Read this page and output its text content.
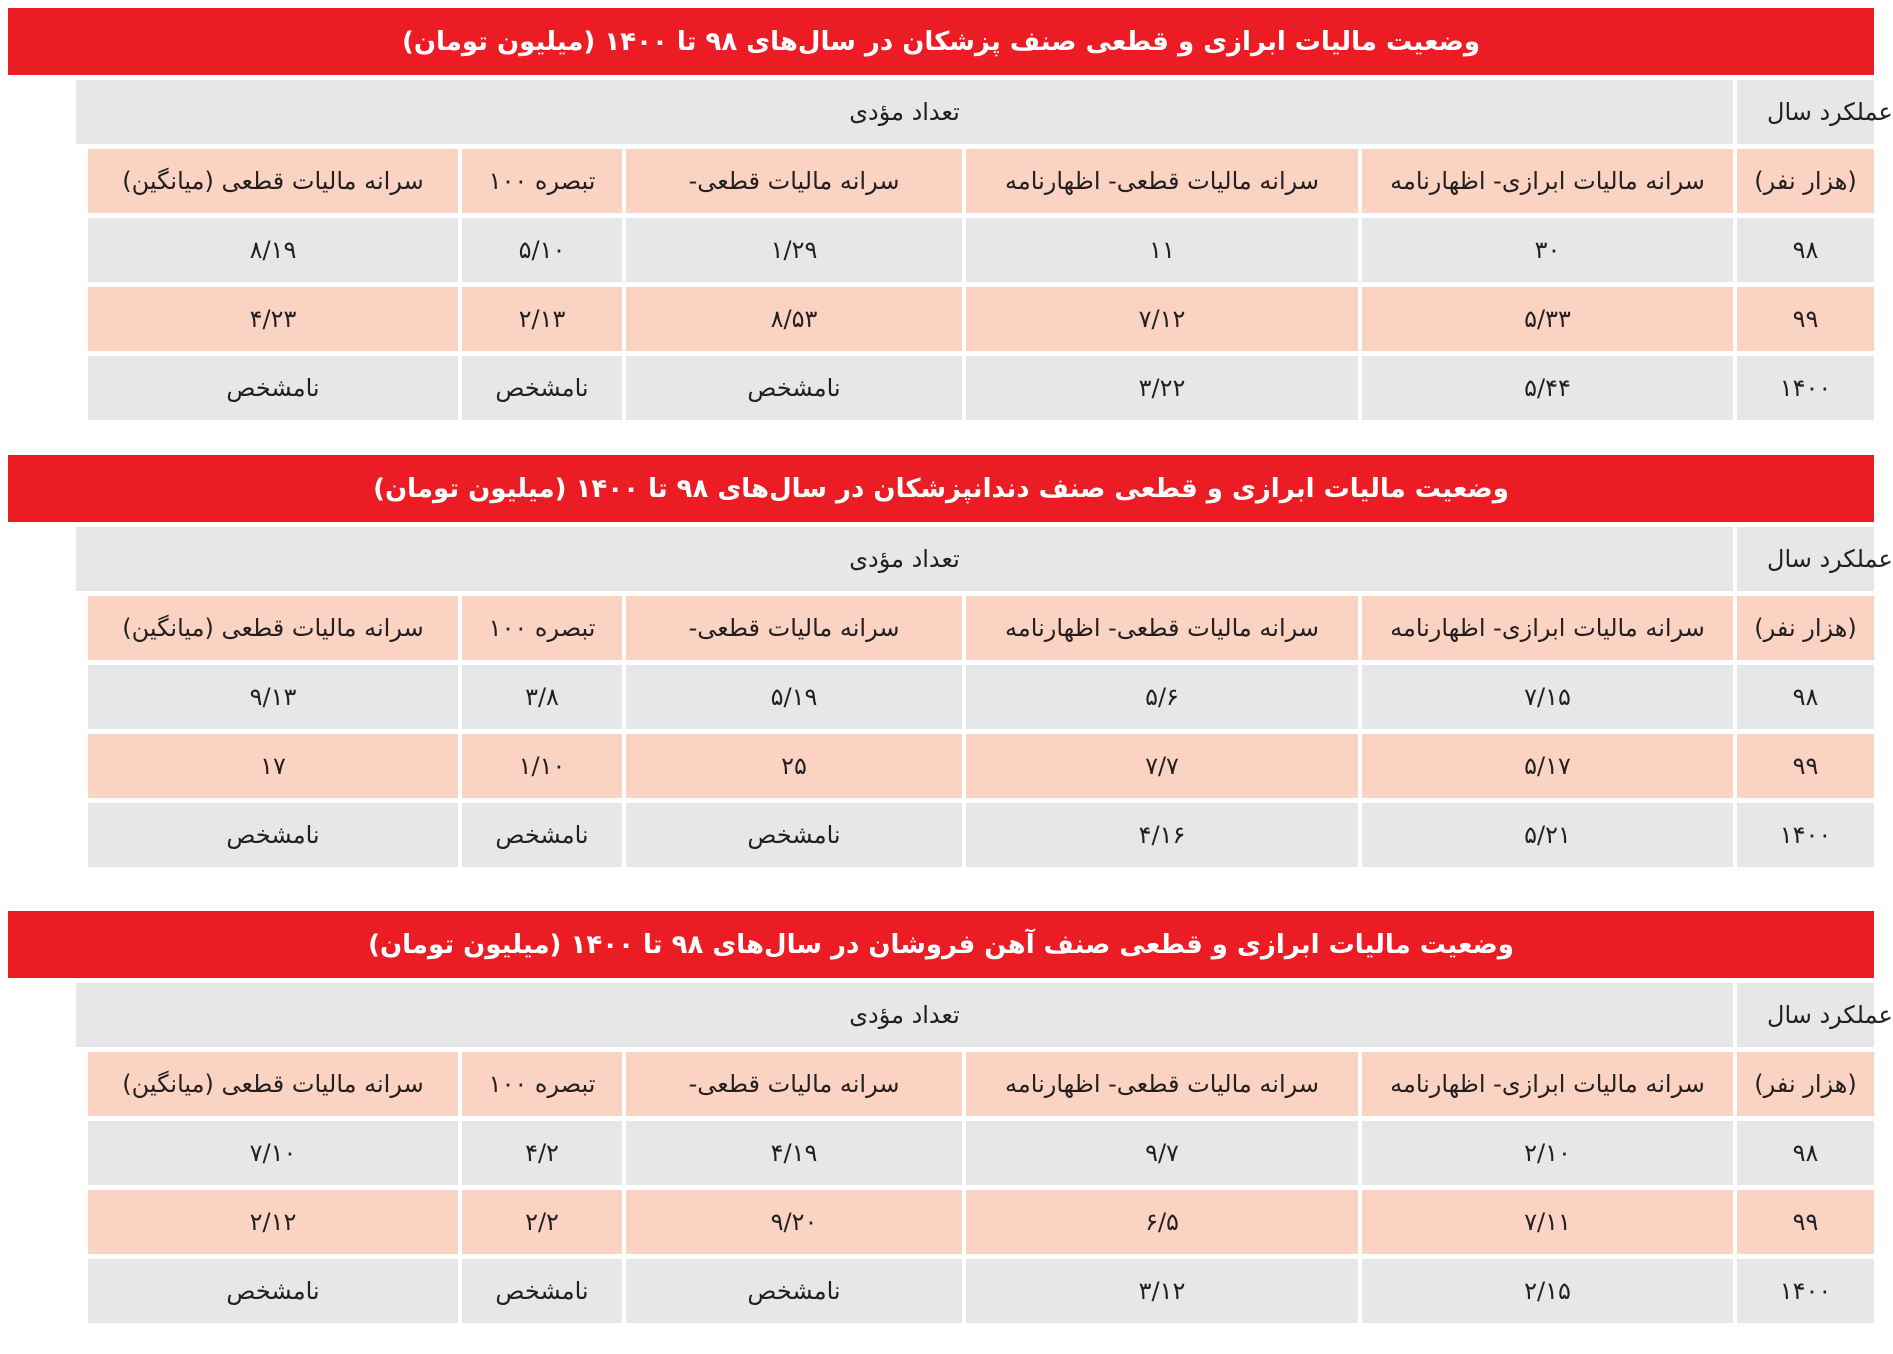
وضعیت مالیات ابرازی و قطعی صنف پزشکان در سال‌های ۹۸ تا ۱۴۰۰ (میلیون تومان)
عملکرد سال
تعداد مؤدی
(هزار نفر)
سرانه مالیات ابرازی- اظهارنامه
سرانه مالیات قطعی- اظهارنامه
سرانه مالیات قطعی-
تبصره ۱۰۰
سرانه مالیات قطعی (میانگین)
۹۸
۳۰
۱۱
۱/۲۹
۵/۱۰
۸/۱۹
۹۹
۵/۳۳
۷/۱۲
۸/۵۳
۲/۱۳
۴/۲۳
۱۴۰۰
۵/۴۴
۳/۲۲
نامشخص
نامشخص
نامشخص
وضعیت مالیات ابرازی و قطعی صنف دندانپزشکان در سال‌های ۹۸ تا ۱۴۰۰ (میلیون تومان)
عملکرد سال
تعداد مؤدی
(هزار نفر)
سرانه مالیات ابرازی- اظهارنامه
سرانه مالیات قطعی- اظهارنامه
سرانه مالیات قطعی-
تبصره ۱۰۰
سرانه مالیات قطعی (میانگین)
۹۸
۷/۱۵
۵/۶
۵/۱۹
۳/۸
۹/۱۳
۹۹
۵/۱۷
۷/۷
۲۵
۱/۱۰
۱۷
۱۴۰۰
۵/۲۱
۴/۱۶
نامشخص
نامشخص
نامشخص
وضعیت مالیات ابرازی و قطعی صنف آهن فروشان در سال‌های ۹۸ تا ۱۴۰۰ (میلیون تومان)
عملکرد سال
تعداد مؤدی
(هزار نفر)
سرانه مالیات ابرازی- اظهارنامه
سرانه مالیات قطعی- اظهارنامه
سرانه مالیات قطعی-
تبصره ۱۰۰
سرانه مالیات قطعی (میانگین)
۹۸
۲/۱۰
۹/۷
۴/۱۹
۴/۲
۷/۱۰
۹۹
۷/۱۱
۶/۵
۹/۲۰
۲/۲
۲/۱۲
۱۴۰۰
۲/۱۵
۳/۱۲
نامشخص
نامشخص
نامشخص
